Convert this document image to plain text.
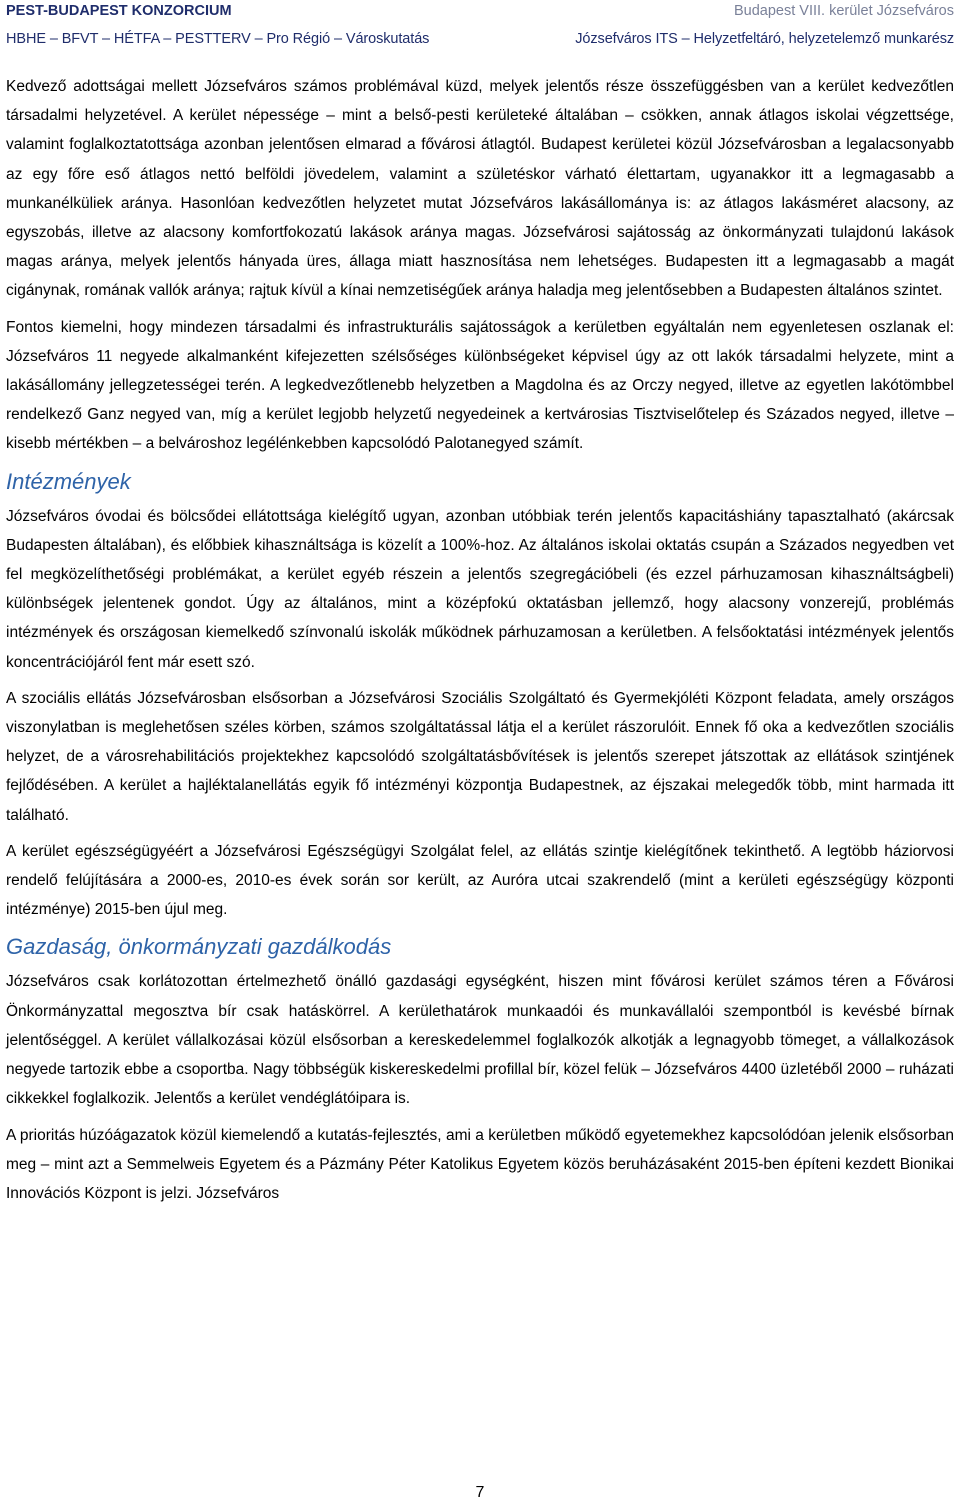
PEST-BUDAPEST KONZORCIUM	Budapest VIII. kerület Józsefváros
HBHE – BFVT – HÉTFA – PESTTERV – Pro Régió – Városkutatás	Józsefváros ITS – Helyzetfeltáró, helyzetelemző munkarész

Kedvező adottságai mellett Józsefváros számos problémával küzd, melyek jelentős része összefüggésben van a kerület kedvezőtlen társadalmi helyzetével. A kerület népessége – mint a belső-pesti kerületeké általában – csökken, annak átlagos iskolai végzettsége, valamint foglalkoztatottsága azonban jelentősen elmarad a fővárosi átlagtól. Budapest kerületei közül Józsefvárosban a legalacsonyabb az egy főre eső átlagos nettó belföldi jövedelem, valamint a születéskor várható élettartam, ugyanakkor itt a legmagasabb a munkanélküliek aránya. Hasonlóan kedvezőtlen helyzetet mutat Józsefváros lakásállománya is: az átlagos lakásméret alacsony, az egyszobás, illetve az alacsony komfortfokozatú lakások aránya magas. Józsefvárosi sajátosság az önkormányzati tulajdonú lakások magas aránya, melyek jelentős hányada üres, állaga miatt hasznosítása nem lehetséges. Budapesten itt a legmagasabb a magát cigánynak, romának vallók aránya; rajtuk kívül a kínai nemzetiségűek aránya haladja meg jelentősebben a Budapesten általános szintet.

Fontos kiemelni, hogy mindezen társadalmi és infrastrukturális sajátosságok a kerületben egyáltalán nem egyenletesen oszlanak el: Józsefváros 11 negyede alkalmanként kifejezetten szélsőséges különbségeket képvisel úgy az ott lakók társadalmi helyzete, mint a lakásállomány jellegzetességei terén. A legkedvezőtlenebb helyzetben a Magdolna és az Orczy negyed, illetve az egyetlen lakótömbbel rendelkező Ganz negyed van, míg a kerület legjobb helyzetű negyedeinek a kertvárosias Tisztviselőtelep és Százados negyed, illetve – kisebb mértékben – a belvároshoz legélénkebben kapcsolódó Palotanegyed számít.

Intézmények

Józsefváros óvodai és bölcsődei ellátottsága kielégítő ugyan, azonban utóbbiak terén jelentős kapacitáshiány tapasztalható (akárcsak Budapesten általában), és előbbiek kihasználtsága is közelít a 100%-hoz. Az általános iskolai oktatás csupán a Százados negyedben vet fel megközelíthetőségi problémákat, a kerület egyéb részein a jelentős szegregációbeli (és ezzel párhuzamosan kihasználtságbeli) különbségek jelentenek gondot. Úgy az általános, mint a középfokú oktatásban jellemző, hogy alacsony vonzerejű, problémás intézmények és országosan kiemelkedő színvonalú iskolák működnek párhuzamosan a kerületben. A felsőoktatási intézmények jelentős koncentrációjáról fent már esett szó.

A szociális ellátás Józsefvárosban elsősorban a Józsefvárosi Szociális Szolgáltató és Gyermekjóléti Központ feladata, amely országos viszonylatban is meglehetősen széles körben, számos szolgáltatással látja el a kerület rászorulóit. Ennek fő oka a kedvezőtlen szociális helyzet, de a városrehabilitációs projektekhez kapcsolódó szolgáltatásbővítések is jelentős szerepet játszottak az ellátások szintjének fejlődésében. A kerület a hajléktalanellátás egyik fő intézményi központja Budapestnek, az éjszakai melegedők több, mint harmada itt található.

A kerület egészségügyéért a Józsefvárosi Egészségügyi Szolgálat felel, az ellátás szintje kielégítőnek tekinthető. A legtöbb háziorvosi rendelő felújítására a 2000-es, 2010-es évek során sor került, az Auróra utcai szakrendelő (mint a kerületi egészségügy központi intézménye) 2015-ben újul meg.

Gazdaság, önkormányzati gazdálkodás

Józsefváros csak korlátozottan értelmezhető önálló gazdasági egységként, hiszen mint fővárosi kerület számos téren a Fővárosi Önkormányzattal megosztva bír csak hatáskörrel. A kerülethatárok munkaadói és munkavállalói szempontból is kevésbé bírnak jelentőséggel. A kerület vállalkozásai közül elsősorban a kereskedelemmel foglalkozók alkotják a legnagyobb tömeget, a vállalkozások negyede tartozik ebbe a csoportba. Nagy többségük kiskereskedelmi profillal bír, közel felük – Józsefváros 4400 üzletéből 2000 – ruházati cikkekkel foglalkozik. Jelentős a kerület vendéglátóipara is.

A prioritás húzóágazatok közül kiemelendő a kutatás-fejlesztés, ami a kerületben működő egyetemekhez kapcsolódóan jelenik elsősorban meg – mint azt a Semmelweis Egyetem és a Pázmány Péter Katolikus Egyetem közös beruházásaként 2015-ben építeni kezdett Bionikai Innovációs Központ is jelzi. Józsefváros

7
